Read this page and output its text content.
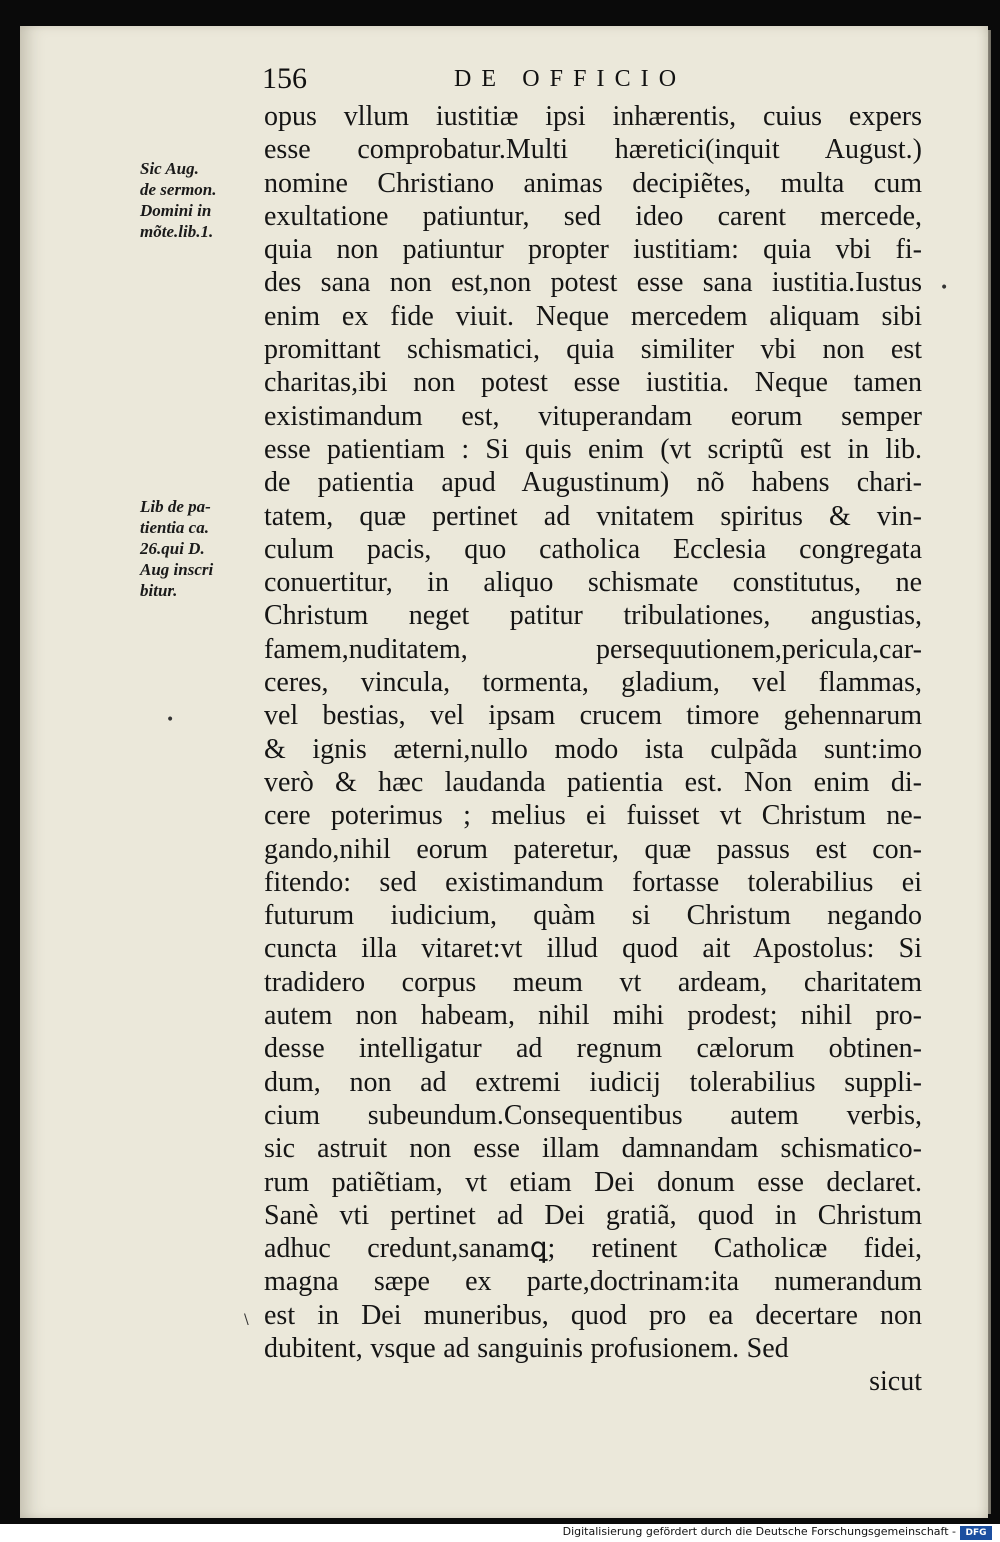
156	DE OFFICIO
Sic Aug.
de sermon.
Domini in
mõte.lib.1.
Lib de pa-
tientia ca.
26.qui D.
Aug inscri
bitur.
•
\
•
opus vllum iustitiæ ipsi inhærentis, cuius expers
esse comprobatur.Multi hæretici(inquit August.)
nomine Christiano animas decipiẽtes, multa cum
exultatione patiuntur, sed ideo carent mercede,
quia non patiuntur propter iustitiam: quia vbi fi-
des sana non est,non potest esse sana iustitia.Iustus
enim ex fide viuit. Neque mercedem aliquam sibi
promittant schismatici, quia similiter vbi non est
charitas,ibi non potest esse iustitia. Neque tamen
existimandum est, vituperandam eorum semper
esse patientiam : Si quis enim (vt scriptũ est in lib.
de patientia apud Augustinum) nõ habens chari-
tatem, quæ pertinet ad vnitatem spiritus & vin-
culum pacis, quo catholica Ecclesia congregata
conuertitur, in aliquo schismate constitutus, ne
Christum neget patitur tribulationes, angustias,
famem,nuditatem, persequutionem,pericula,car-
ceres, vincula, tormenta, gladium, vel flammas,
vel bestias, vel ipsam crucem timore gehennarum
& ignis æterni,nullo modo ista culpãda sunt:imo
verò & hæc laudanda patientia est. Non enim di-
cere poterimus ; melius ei fuisset vt Christum ne-
gando,nihil eorum pateretur, quæ passus est con-
fitendo: sed existimandum fortasse tolerabilius ei
futurum iudicium, quàm si Christum negando
cuncta illa vitaret:vt illud quod ait Apostolus: Si
tradidero corpus meum vt ardeam, charitatem
autem non habeam, nihil mihi prodest; nihil pro-
desse intelligatur ad regnum cælorum obtinen-
dum, non ad extremi iudicij tolerabilius suppli-
cium subeundum.Consequentibus autem verbis,
sic astruit non esse illam damnandam schismatico-
rum patiẽtiam, vt etiam Dei donum esse declaret.
Sanè vti pertinet ad Dei gratiã, quod in Christum
adhuc credunt,sanamꝗ; retinent Catholicæ fidei,
magna sæpe ex parte,doctrinam:ita numerandum
est in Dei muneribus, quod pro ea decertare non
dubitent, vsque ad sanguinis profusionem. Sed
sicut
Digitalisierung gefördert durch die Deutsche Forschungsgemeinschaft -	DFG
